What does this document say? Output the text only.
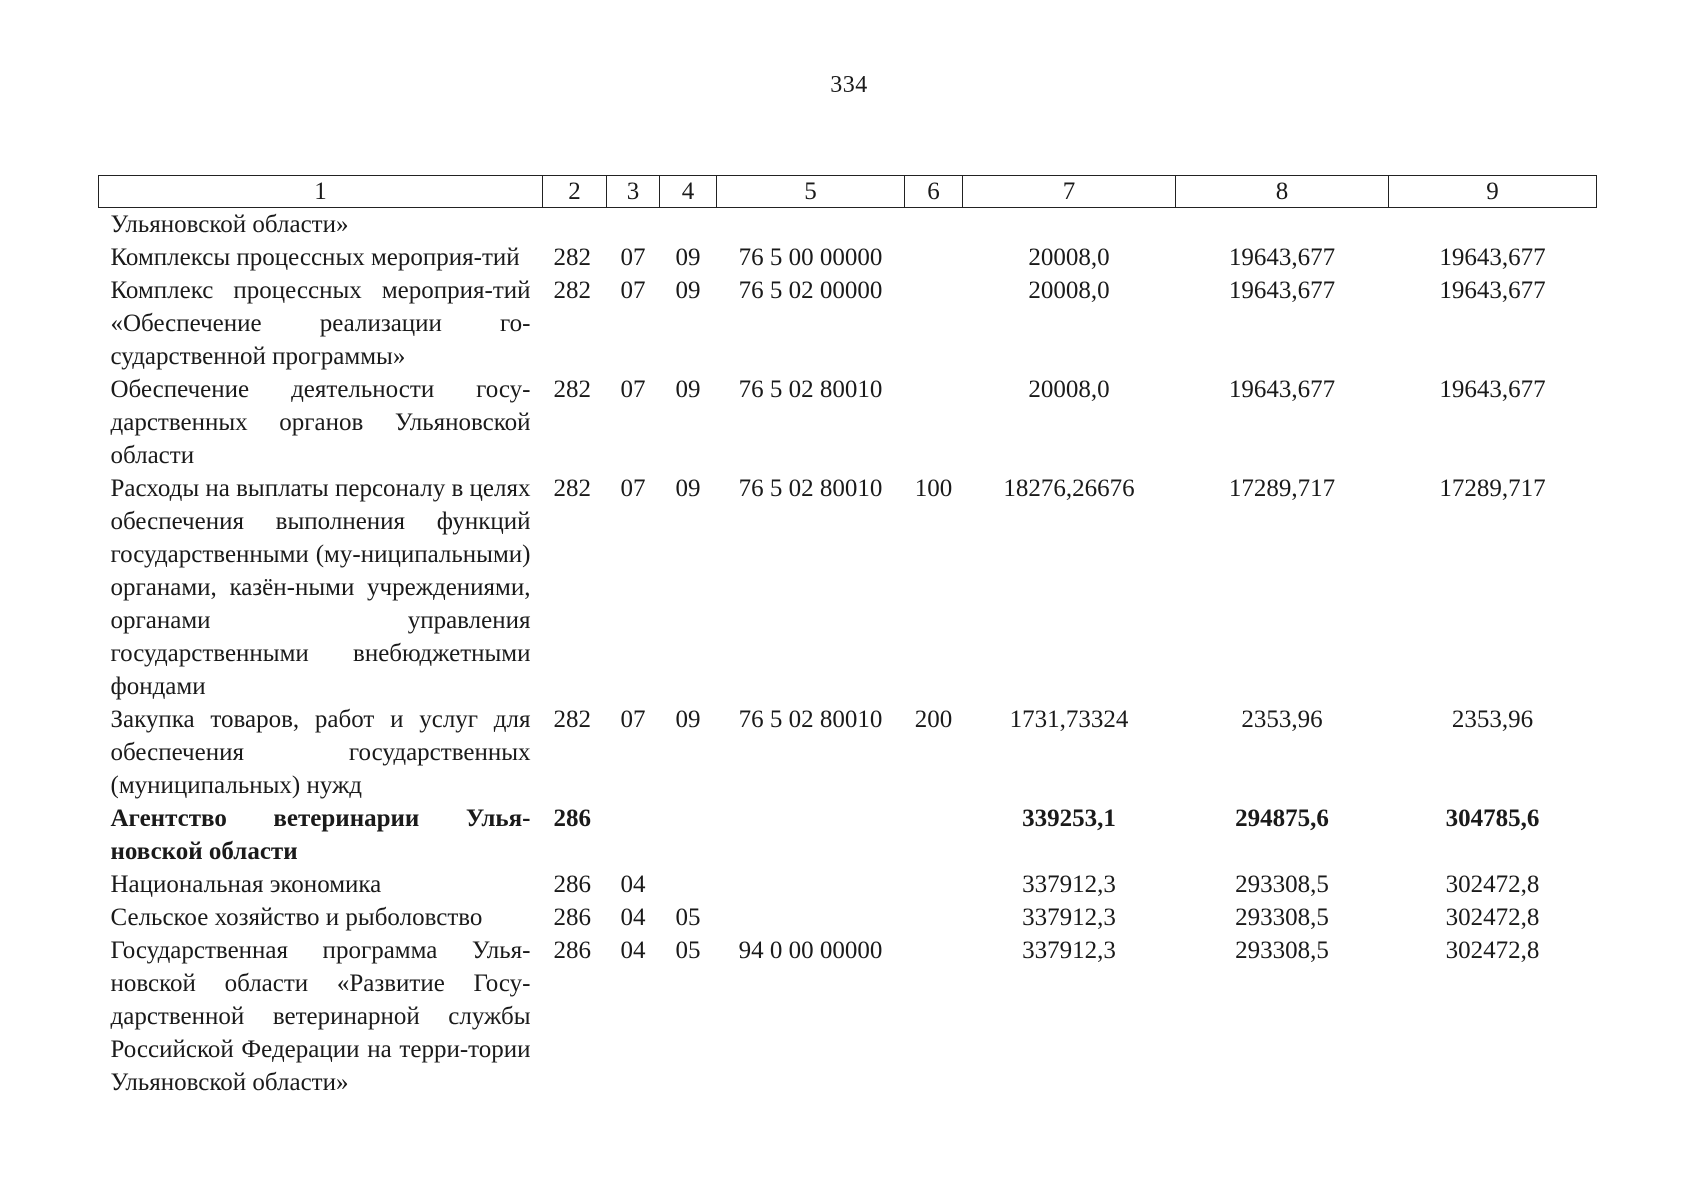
334
1	2	3	4	5	6	7	8	9
Ульяновской области»								
Комплексы процессных мероприя-тий	282	07	09	76 5 00 00000		20008,0	19643,677	19643,677
Комплекс процессных мероприя-тий «Обеспечение реализации го-сударственной программы»	282	07	09	76 5 02 00000		20008,0	19643,677	19643,677
Обеспечение деятельности госу-дарственных органов Ульяновской области	282	07	09	76 5 02 80010		20008,0	19643,677	19643,677
Расходы на выплаты персоналу в целях обеспечения выполнения функций государственными (му-ниципальными) органами, казён-ными учреждениями, органами управления государственными внебюджетными фондами	282	07	09	76 5 02 80010	100	18276,26676	17289,717	17289,717
Закупка товаров, работ и услуг для обеспечения государственных (муниципальных) нужд	282	07	09	76 5 02 80010	200	1731,73324	2353,96	2353,96
Агентство ветеринарии Улья-новской области	286					339253,1	294875,6	304785,6
Национальная экономика	286	04				337912,3	293308,5	302472,8
Сельское хозяйство и рыболовство	286	04	05			337912,3	293308,5	302472,8
Государственная программа Улья-новской области «Развитие Госу-дарственной ветеринарной службы Российской Федерации на терри-тории Ульяновской области»	286	04	05	94 0 00 00000		337912,3	293308,5	302472,8
